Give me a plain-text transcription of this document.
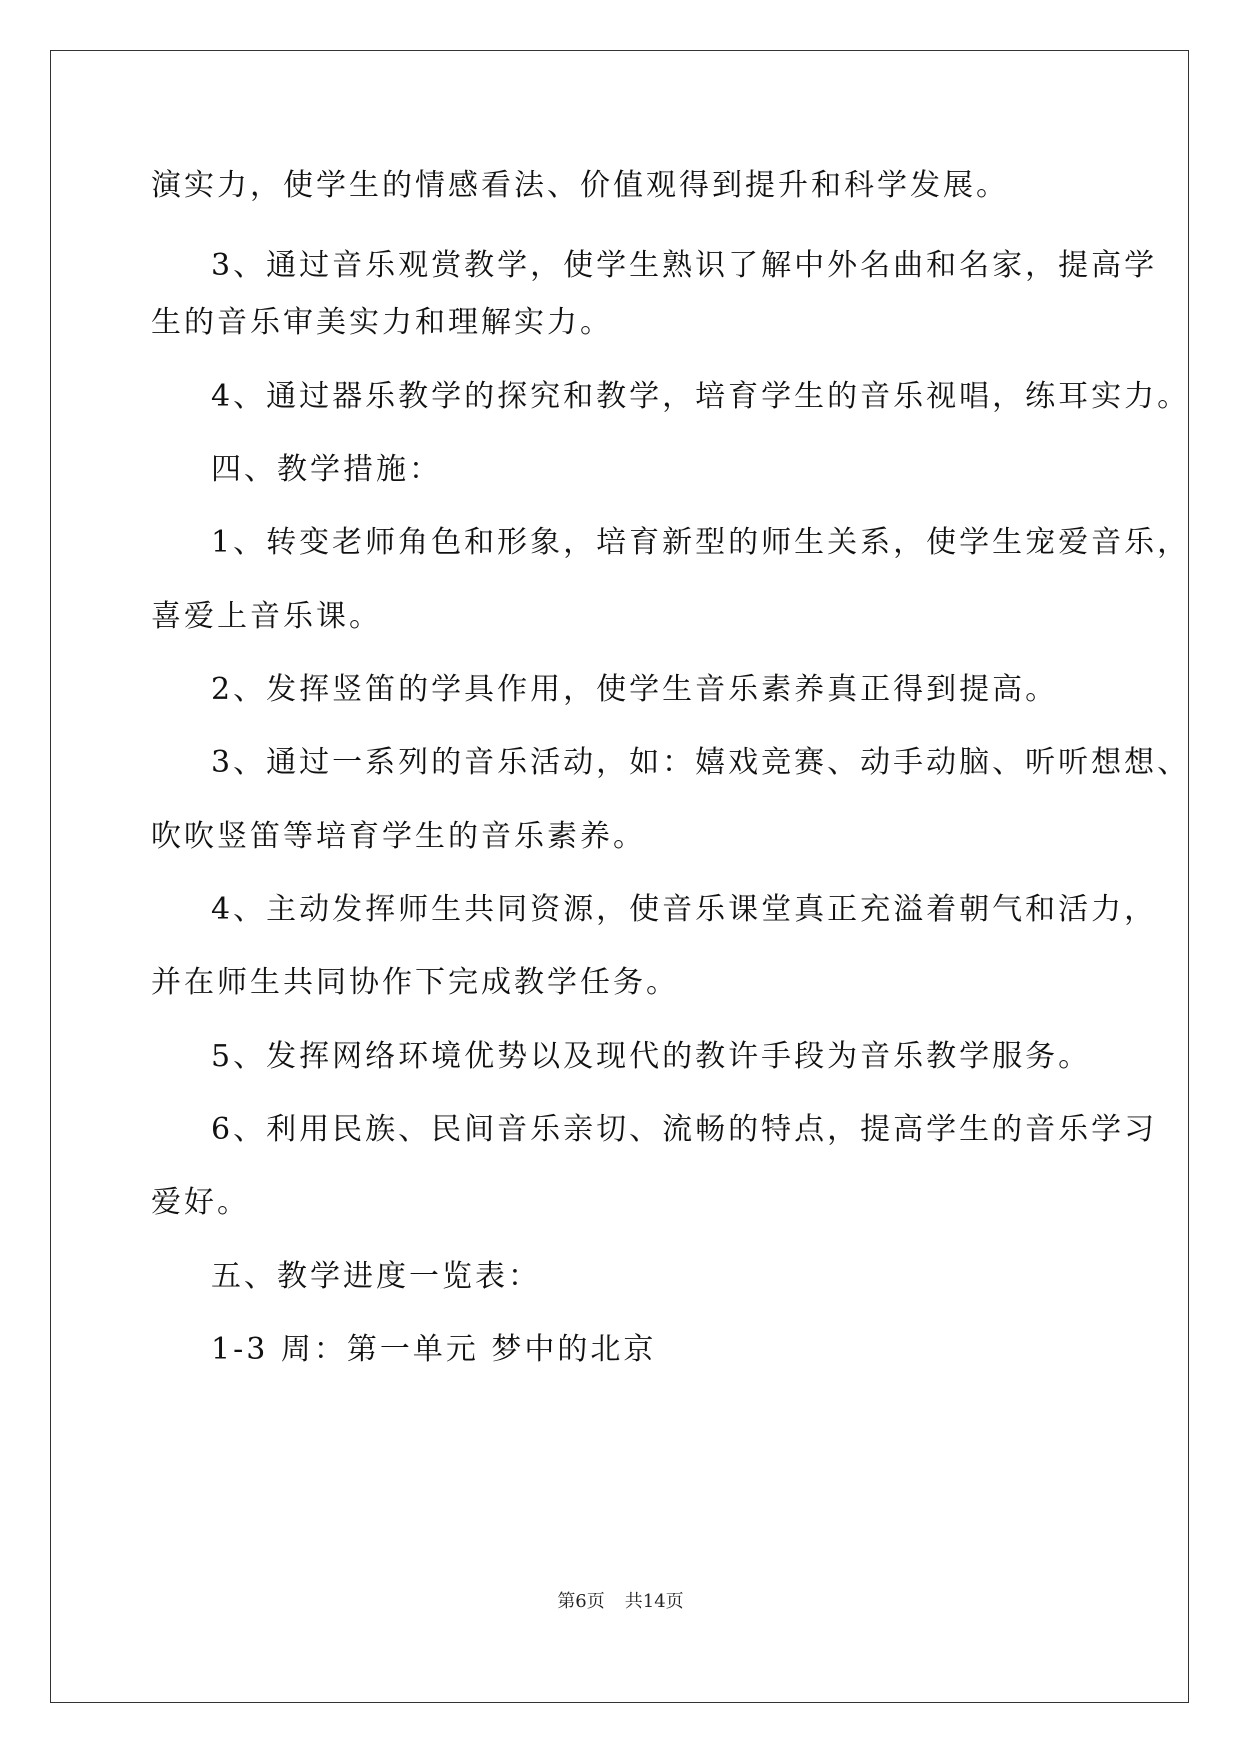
演实力，使学生的情感看法、价值观得到提升和科学发展。
3、通过音乐观赏教学，使学生熟识了解中外名曲和名家，提高学
生的音乐审美实力和理解实力。
4、通过器乐教学的探究和教学，培育学生的音乐视唱，练耳实力。
四、教学措施：
1、转变老师角色和形象，培育新型的师生关系，使学生宠爱音乐，
喜爱上音乐课。
2、发挥竖笛的学具作用，使学生音乐素养真正得到提高。
3、通过一系列的音乐活动，如：嬉戏竞赛、动手动脑、听听想想、
吹吹竖笛等培育学生的音乐素养。
4、主动发挥师生共同资源，使音乐课堂真正充溢着朝气和活力，
并在师生共同协作下完成教学任务。
5、发挥网络环境优势以及现代的教许手段为音乐教学服务。
6、利用民族、民间音乐亲切、流畅的特点，提高学生的音乐学习
爱好。
五、教学进度一览表：
1-3 周：第一单元 梦中的北京
第6页 共14页
